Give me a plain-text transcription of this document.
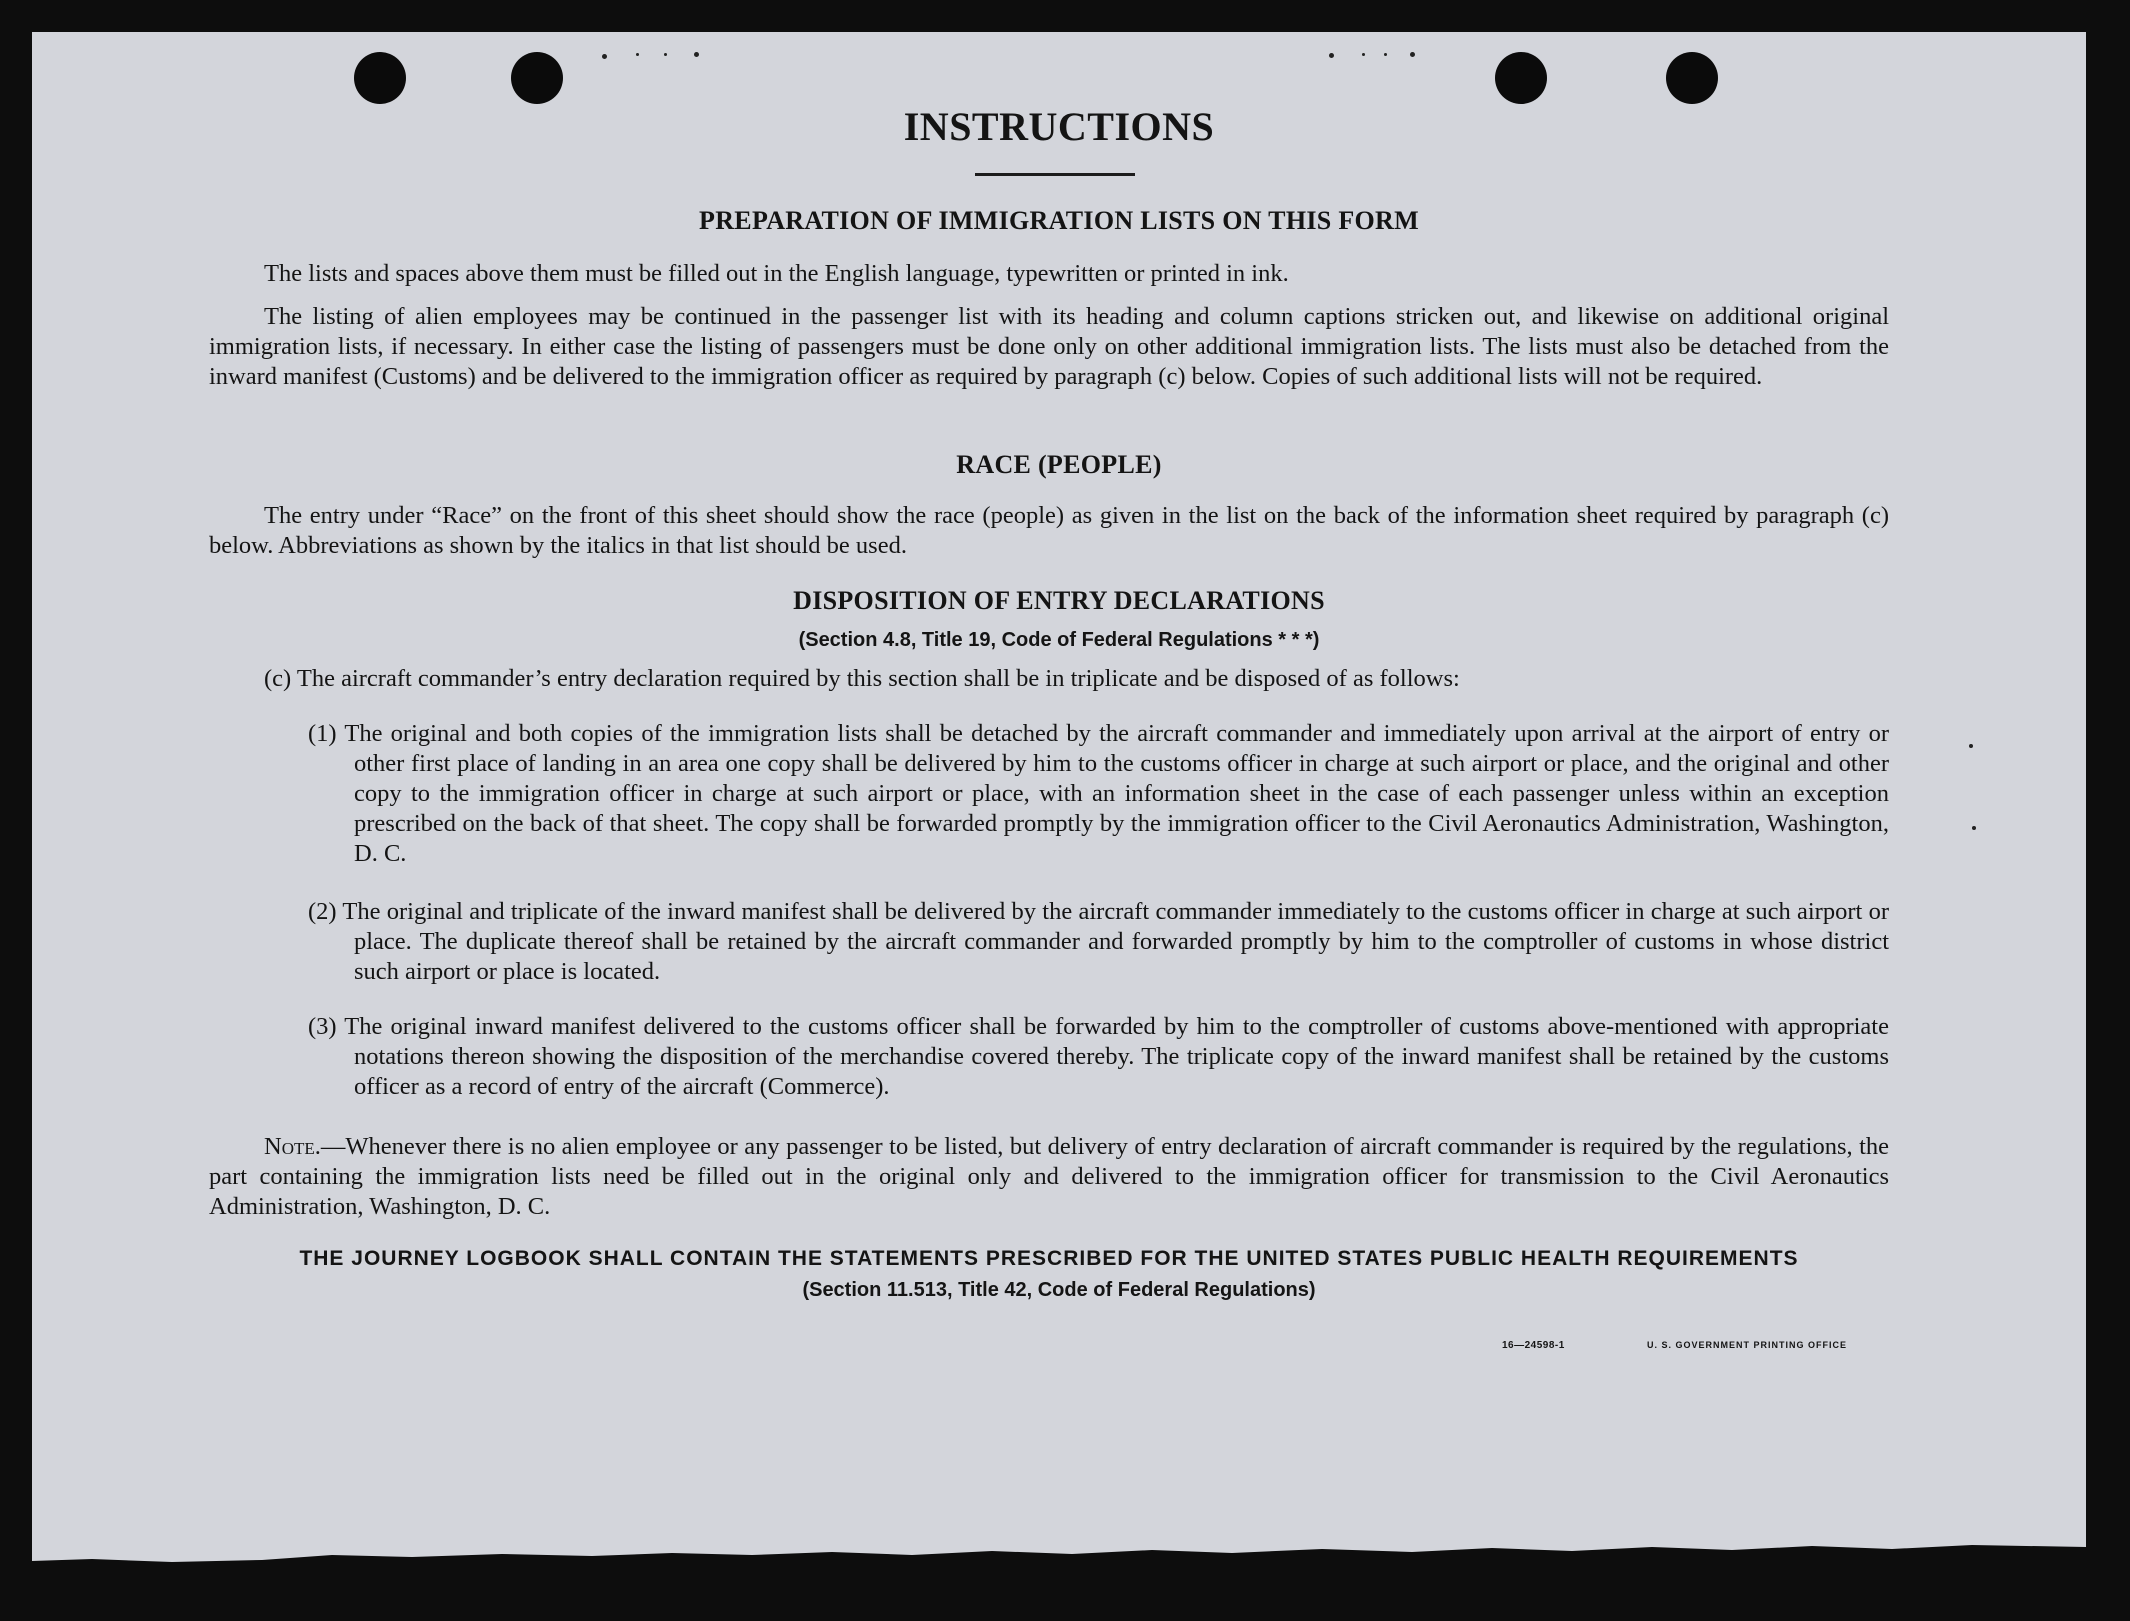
INSTRUCTIONS
PREPARATION OF IMMIGRATION LISTS ON THIS FORM
The lists and spaces above them must be filled out in the English language, typewritten or printed in ink.
The listing of alien employees may be continued in the passenger list with its heading and column captions stricken out, and likewise on additional original immigration lists, if necessary. In either case the listing of passengers must be done only on other additional immigration lists. The lists must also be detached from the inward manifest (Customs) and be delivered to the immigration officer as required by paragraph (c) below. Copies of such additional lists will not be required.
RACE (PEOPLE)
The entry under “Race” on the front of this sheet should show the race (people) as given in the list on the back of the information sheet required by paragraph (c) below. Abbreviations as shown by the italics in that list should be used.
DISPOSITION OF ENTRY DECLARATIONS
(Section 4.8, Title 19, Code of Federal Regulations * * *)
(c) The aircraft commander’s entry declaration required by this section shall be in triplicate and be disposed of as follows:
(1) The original and both copies of the immigration lists shall be detached by the aircraft commander and immediately upon arrival at the airport of entry or other first place of landing in an area one copy shall be delivered by him to the customs officer in charge at such airport or place, and the original and other copy to the immigration officer in charge at such airport or place, with an information sheet in the case of each passenger unless within an exception prescribed on the back of that sheet. The copy shall be forwarded promptly by the immigration officer to the Civil Aeronautics Administration, Washington, D. C.
(2) The original and triplicate of the inward manifest shall be delivered by the aircraft commander immediately to the customs officer in charge at such airport or place. The duplicate thereof shall be retained by the aircraft commander and forwarded promptly by him to the comptroller of customs in whose district such airport or place is located.
(3) The original inward manifest delivered to the customs officer shall be forwarded by him to the comptroller of customs above-mentioned with appropriate notations thereon showing the disposition of the merchandise covered thereby. The triplicate copy of the inward manifest shall be retained by the customs officer as a record of entry of the aircraft (Commerce).
Note.—Whenever there is no alien employee or any passenger to be listed, but delivery of entry declaration of aircraft commander is required by the regulations, the part containing the immigration lists need be filled out in the original only and delivered to the immigration officer for transmission to the Civil Aeronautics Administration, Washington, D. C.
THE JOURNEY LOGBOOK SHALL CONTAIN THE STATEMENTS PRESCRIBED FOR THE UNITED STATES PUBLIC HEALTH REQUIREMENTS
(Section 11.513, Title 42, Code of Federal Regulations)
16—24598-1	U. S. GOVERNMENT PRINTING OFFICE
